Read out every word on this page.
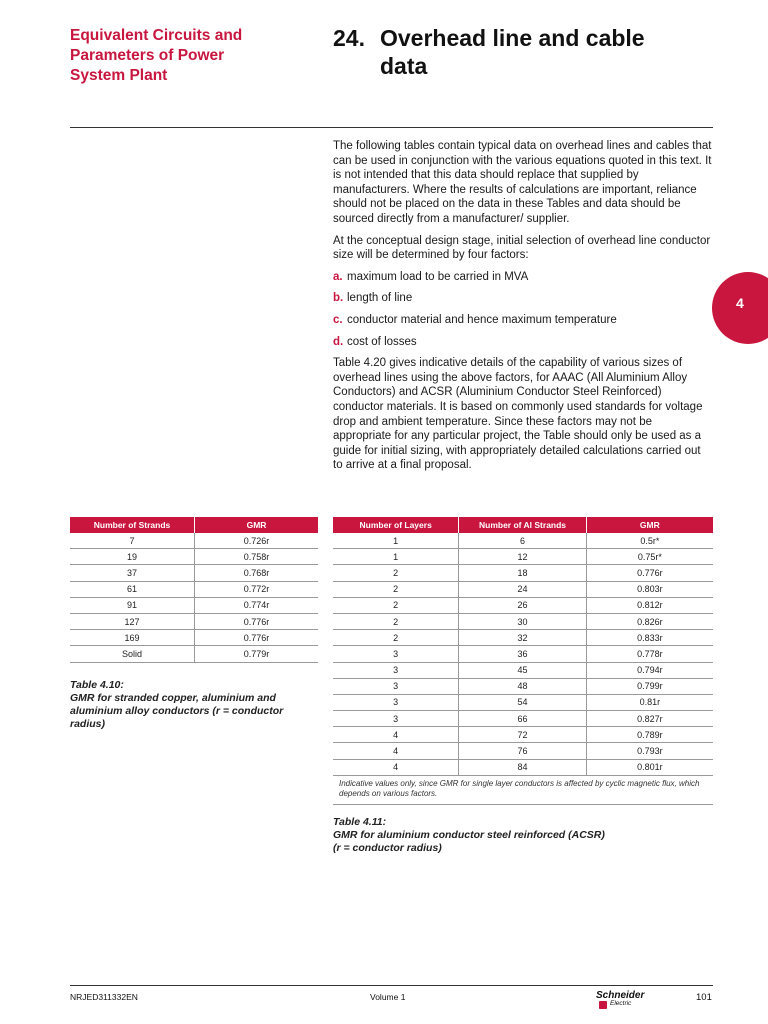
Equivalent Circuits and
Parameters of Power
System Plant
24. Overhead line and cable
data
4

The following tables contain typical data on overhead lines and cables that can be used in conjunction with the various equations quoted in this text. It is not intended that this data should replace that supplied by manufacturers. Where the results of calculations are important, reliance should not be placed on the data in these Tables and data should be sourced directly from a manufacturer/ supplier.

At the conceptual design stage, initial selection of overhead line conductor size will be determined by four factors:

a. maximum load to be carried in MVA
b. length of line
c. conductor material and hence maximum temperature
d. cost of losses

Table 4.20 gives indicative details of the capability of various sizes of overhead lines using the above factors, for AAAC (All Aluminium Alloy Conductors) and ACSR (Aluminium Conductor Steel Reinforced) conductor materials. It is based on commonly used standards for voltage drop and ambient temperature. Since these factors may not be appropriate for any particular project, the Table should only be used as a guide for initial sizing, with appropriately detailed calculations carried out to arrive at a final proposal.

Number of Strands	GMR
7	0.726r
19	0.758r
37	0.768r
61	0.772r
91	0.774r
127	0.776r
169	0.776r
Solid	0.779r
Table 4.10:
GMR for stranded copper, aluminium and
aluminium alloy conductors (r = conductor
radius)
Number of Layers	Number of Al Strands	GMR
1	6	0.5r*
1	12	0.75r*
2	18	0.776r
2	24	0.803r
2	26	0.812r
2	30	0.826r
2	32	0.833r
3	36	0.778r
3	45	0.794r
3	48	0.799r
3	54	0.81r
3	66	0.827r
4	72	0.789r
4	76	0.793r
4	84	0.801r
Indicative values only, since GMR for single layer conductors is affected by cyclic magnetic flux, which depends on various factors.		
Table 4.11:
GMR for aluminium conductor steel reinforced (ACSR)
(r = conductor radius)
NRJED311332EN	Volume 1	Schneider
Electric
101
